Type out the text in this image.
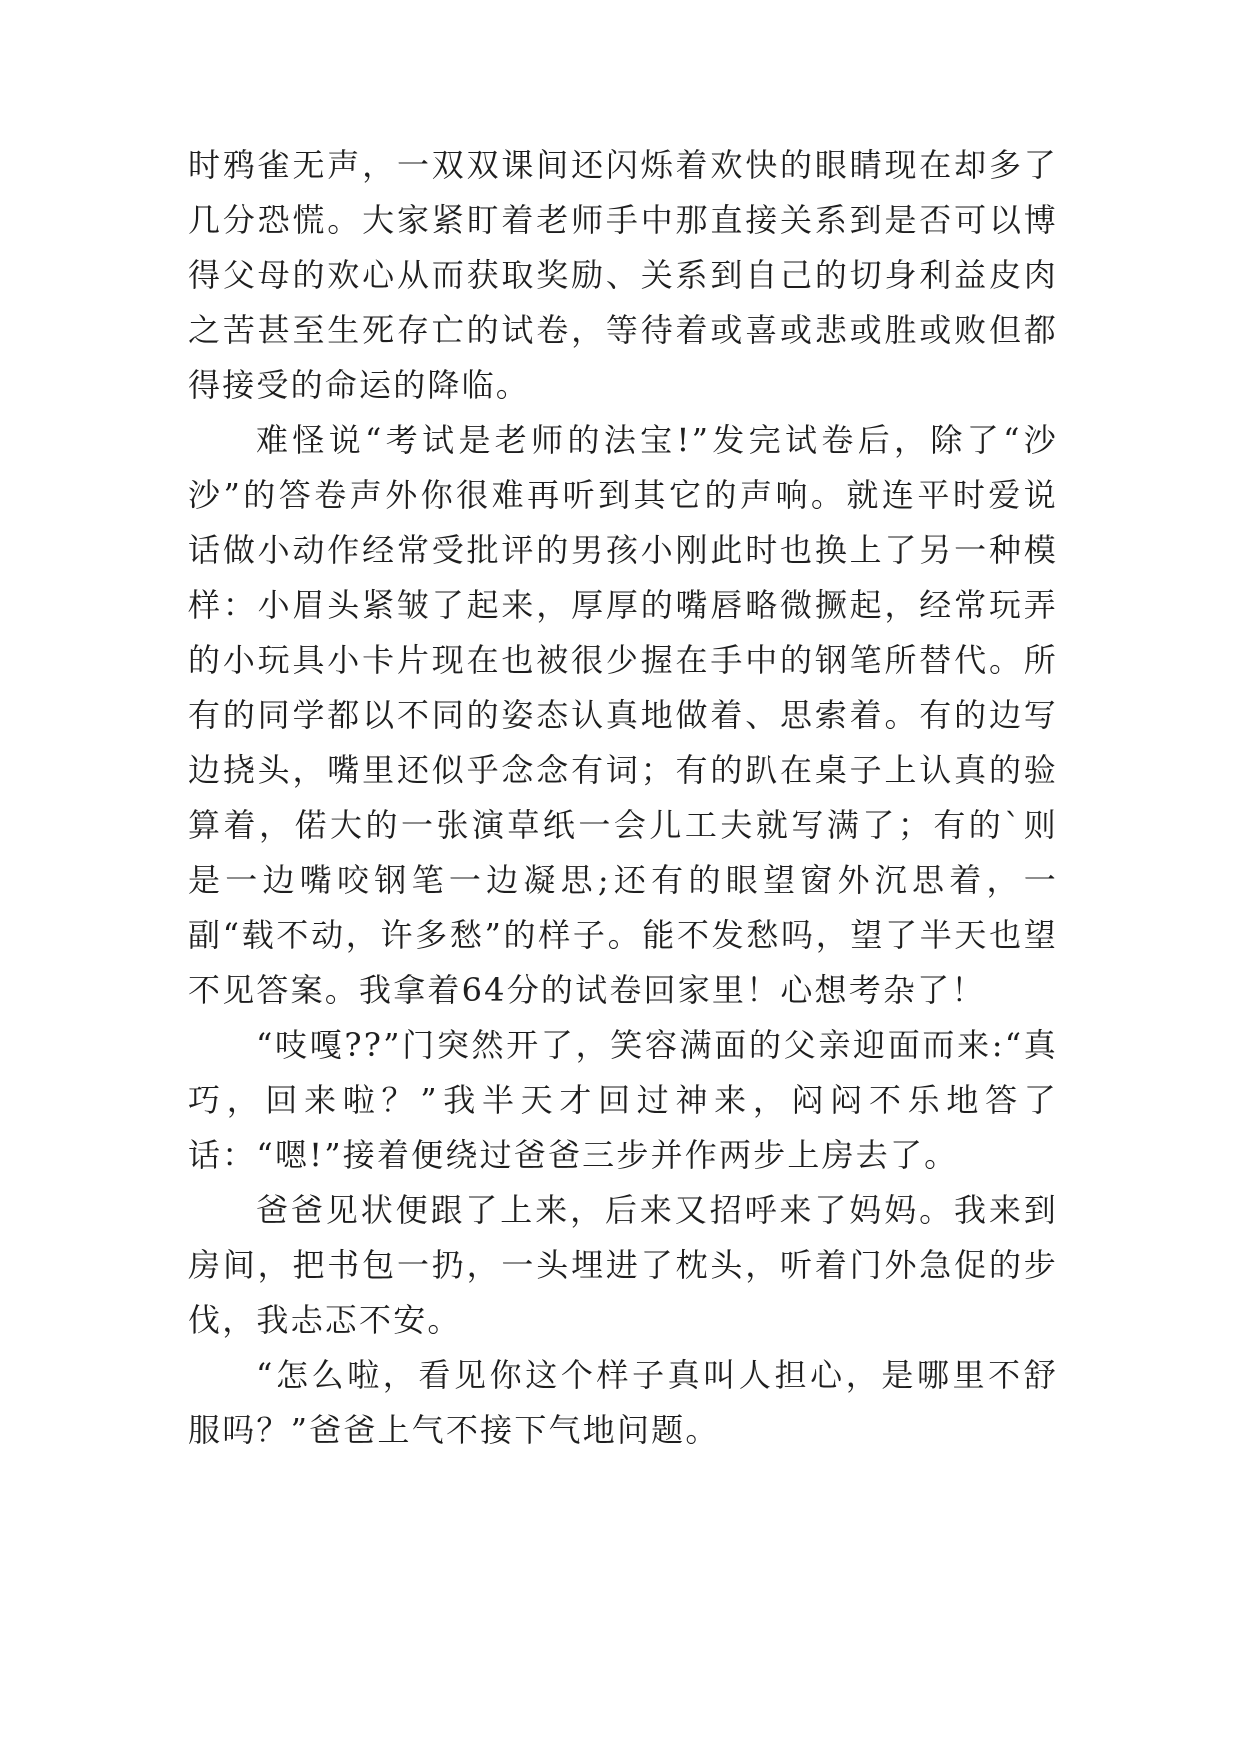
时鸦雀无声，一双双课间还闪烁着欢快的眼睛现在却多了几分恐慌。大家紧盯着老师手中那直接关系到是否可以博得父母的欢心从而获取奖励、关系到自己的切身利益皮肉之苦甚至生死存亡的试卷，等待着或喜或悲或胜或败但都得接受的命运的降临。

难怪说“考试是老师的法宝!”发完试卷后，除了“沙沙”的答卷声外你很难再听到其它的声响。就连平时爱说话做小动作经常受批评的男孩小刚此时也换上了另一种模样：小眉头紧皱了起来，厚厚的嘴唇略微撅起，经常玩弄的小玩具小卡片现在也被很少握在手中的钢笔所替代。所有的同学都以不同的姿态认真地做着、思索着。有的边写边挠头，嘴里还似乎念念有词；有的趴在桌子上认真的验算着，偌大的一张演草纸一会儿工夫就写满了；有的`则是一边嘴咬钢笔一边凝思;还有的眼望窗外沉思着，一副“载不动，许多愁”的样子。能不发愁吗，望了半天也望不见答案。我拿着64分的试卷回家里！心想考杂了！

“吱嘎??”门突然开了，笑容满面的父亲迎面而来:“真巧，回来啦？”我半天才回过神来，闷闷不乐地答了话：“嗯!”接着便绕过爸爸三步并作两步上房去了。

爸爸见状便跟了上来，后来又招呼来了妈妈。我来到房间，把书包一扔，一头埋进了枕头，听着门外急促的步伐，我忐忑不安。

“怎么啦，看见你这个样子真叫人担心，是哪里不舒服吗？”爸爸上气不接下气地问题。
